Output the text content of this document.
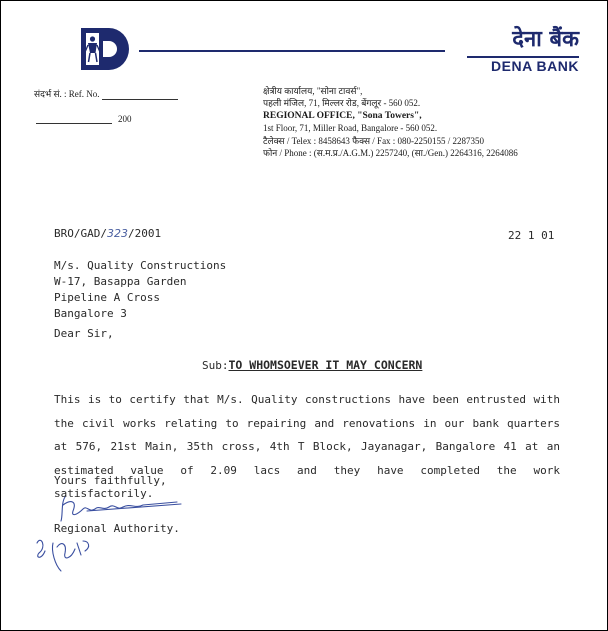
देना बैंक
DENA BANK
संदर्भ सं. : Ref. No.
200
क्षेत्रीय कार्यालय, "सोना टावर्स",
पहली मंजिल, 71, मिल्लर रोड, बेंगलूर - 560 052.
REGIONAL OFFICE, "Sona Towers",
1st Floor, 71, Miller Road, Bangalore - 560 052.
टैलेक्स / Telex : 8458643 फैक्स / Fax : 080-2250155 / 2287350
फोन / Phone : (स.म.प्र./A.G.M.) 2257240, (सा./Gen.) 2264316, 2264086
BRO/GAD/323/2001	22 1 01
M/s. Quality Constructions
W-17, Basappa Garden
Pipeline A Cross
Bangalore 3
Dear Sir,
Sub:TO WHOMSOEVER IT MAY CONCERN
This is to certify that M/s. Quality constructions have been entrusted with the civil works relating to repairing and renovations in our bank quarters at 576, 21st Main, 35th cross, 4th T Block, Jayanagar, Bangalore 41 at an estimated value of 2.09 lacs and they have completed the work satisfactorily.
Yours faithfully,
Regional Authority.
